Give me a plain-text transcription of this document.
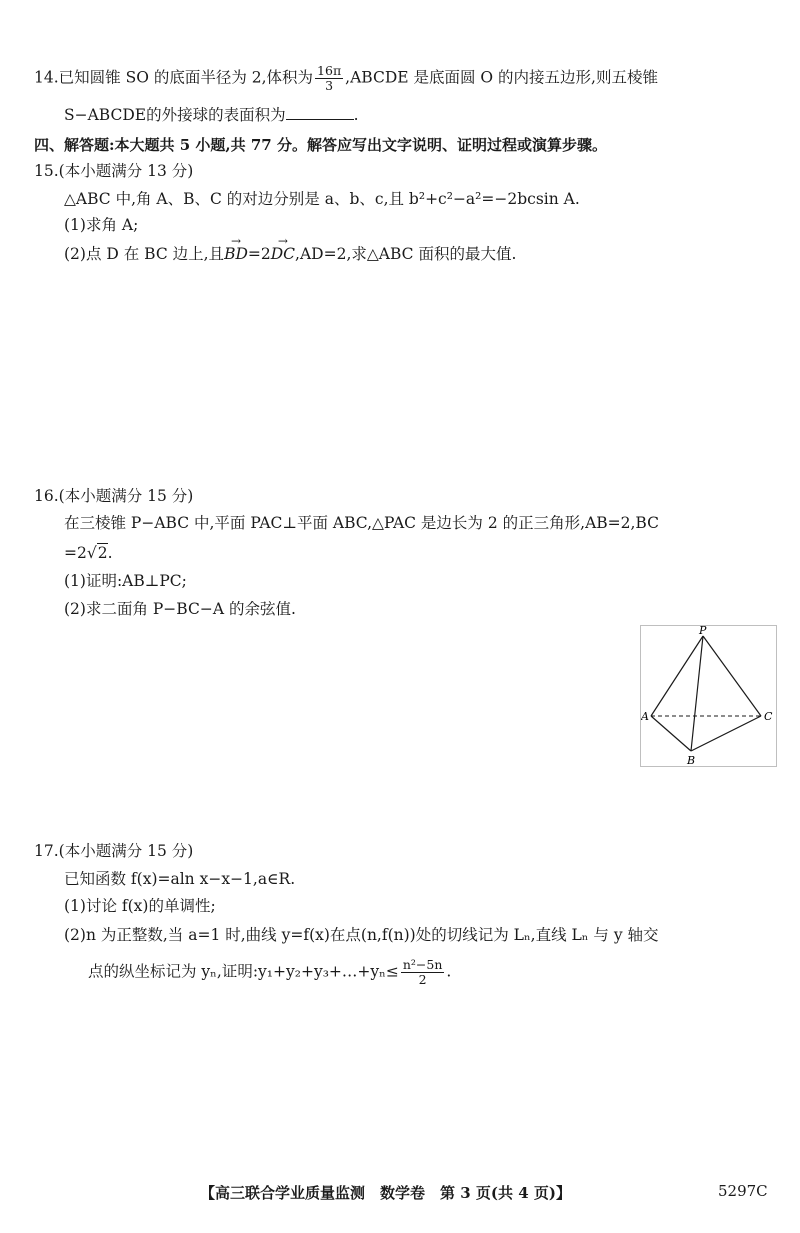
14.已知圆锥 SO 的底面半径为 2,体积为 $\frac{16\pi}{3}$ ,ABCDE 是底面圆 O 的内接五边形,则五棱锥
S−ABCDE的外接球的表面积为	.
四、解答题:本大题共 5 小题,共 77 分。解答应写出文字说明、证明过程或演算步骤。
15.(本小题满分 13 分)
△ABC 中,角 A、B、C 的对边分别是 a、b、c,且 b²+c²−a²=−2bcsin A.
(1)求角 A;
(2)点 D 在 BC 边上,且→ BD=2→ DC,AD=2,求△ABC 面积的最大值.
16.(本小题满分 15 分)
在三棱锥 P−ABC 中,平面 PAC⊥平面 ABC,△PAC 是边长为 2 的正三角形,AB=2,BC
=2√2.
(1)证明:AB⊥PC;
(2)求二面角 P−BC−A 的余弦值.
P
A	C
B
17.(本小题满分 15 分)
已知函数 f(x)=aln x−x−1,a∈R.
(1)讨论 f(x)的单调性;
(2)n 为正整数,当 a=1 时,曲线 y=f(x)在点(n,f(n))处的切线记为 Lₙ,直线 Lₙ 与 y 轴交
点的纵坐标记为 yₙ,证明:y₁+y₂+y₃+…+yₙ≤ $\frac{\text{n²−5n}}{2}$ .
【高三联合学业质量监测　数学卷　第 3 页(共 4 页)】	5297C
